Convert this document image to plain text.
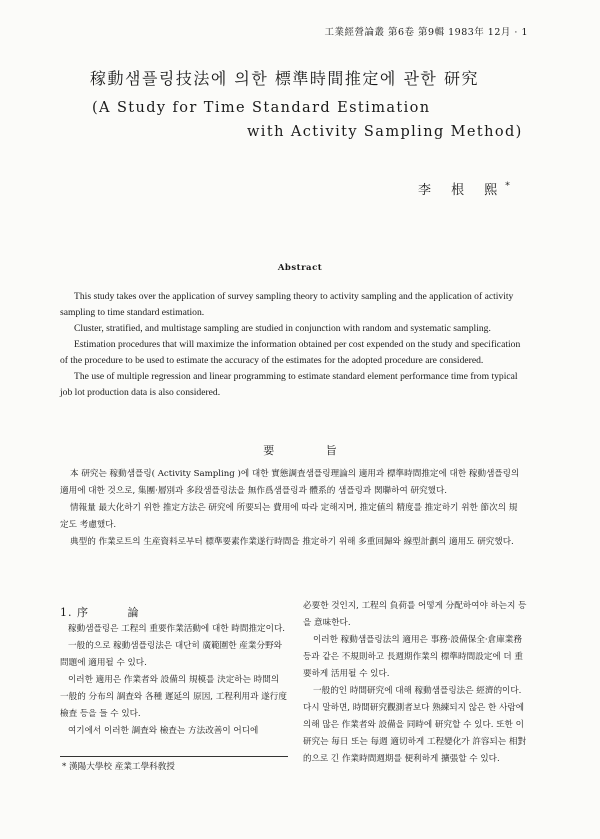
工業經營論叢 第6卷 第9輯 1983年 12月 · 1
稼動샘플링技法에 의한 標準時間推定에 관한 研究
(A Study for Time Standard Estimation
with Activity Sampling Method)
李 根 熙*
Abstract

This study takes over the application of survey sampling theory to activity sampling and the application of activity sampling to time standard estimation.

Cluster, stratified, and multistage sampling are studied in conjunction with random and systematic sampling.

Estimation procedures that will maximize the information obtained per cost expended on the study and specification of the procedure to be used to estimate the accuracy of the estimates for the adopted procedure are considered.

The use of multiple regression and linear programming to estimate standard element performance time from typical job lot production data is also considered.

要 旨

本 研究는 稼動샘플링( Activity Sampling )에 대한 實態調査샘플링理論의 適用과 標準時間推定에 대한 稼動샘플링의 適用에 대한 것으로, 集團·層別과 多段샘플링法을 無作爲샘플링과 體系的 샘플링과 関聯하여 研究했다.

情報量 最大化하기 위한 推定方法은 研究에 所要되는 費用에 따라 定해지며, 推定値의 精度를 推定하기 위한 節次의 規定도 考慮했다.

典型的 作業로트의 生産資料로부터 標準要素作業遂行時間을 推定하기 위해 多重回歸와 線型計劃의 適用도 研究했다.

1. 序 論

稼動샘플링은 工程의 重要作業活動에 대한 時間推定이다.

一般的으로 稼動샘플링法은 대단히 廣範圍한 産業分野와 問題에 適用될 수 있다.

이러한 適用은 作業者와 設備의 規模를 決定하는 時間의 一般的 分布의 調査와 各種 遲延의 原因, 工程利用과 遂行度檢査 등을 들 수 있다.

여기에서 이러한 調査와 檢査는 方法改善이 어디에

* 漢陽大學校 産業工學科敎授

必要한 것인지, 工程의 負荷를 어떻게 分配하여야 하는지 등을 意味한다.

이러한 稼動샘플링法의 適用은 事務·設備保全·倉庫業務 등과 같은 不規則하고 長週期作業의 標準時間設定에 더 重要하게 活用될 수 있다.

一般的인 時間研究에 대해 稼動샘플링法은 經濟的이다. 다시 말하면, 時間研究觀測者보다 熟練되지 않은 한 사람에 의해 많은 作業者와 設備을 同時에 研究할 수 있다. 또한 이 研究는 毎日 또는 每週 適切하게 工程變化가 許容되는 相對的으로 긴 作業時間週期를 便利하게 擴張할 수 있다.
